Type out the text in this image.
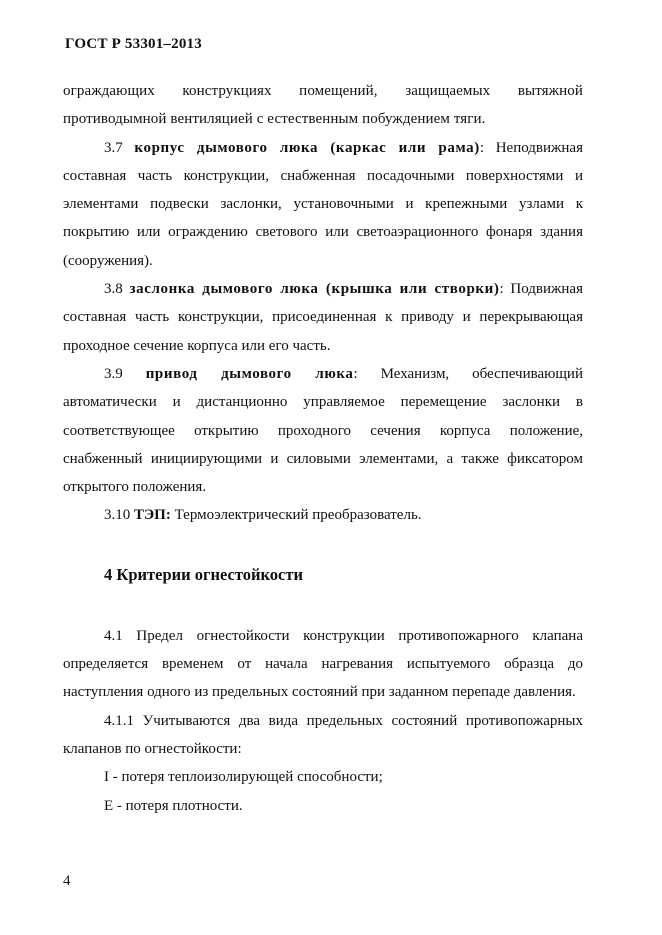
ГОСТ Р 53301–2013

ограждающих конструкциях помещений, защищаемых вытяжной противодымной вентиляцией с естественным побуждением тяги.

3.7 корпус дымового люка (каркас или рама): Неподвижная составная часть конструкции, снабженная посадочными поверхностями и элементами подвески заслонки, установочными и крепежными узлами к покрытию или ограждению светового или светоаэрационного фонаря здания (сооружения).

3.8 заслонка дымового люка (крышка или створки): Подвижная составная часть конструкции, присоединенная к приводу и перекрывающая проходное сечение корпуса или его часть.

3.9 привод дымового люка: Механизм, обеспечивающий автоматически и дистанционно управляемое перемещение заслонки в соответствующее открытию проходного сечения корпуса положение, снабженный инициирующими и силовыми элементами, а также фиксатором открытого положения.

3.10 ТЭП: Термоэлектрический преобразователь.

4 Критерии огнестойкости

4.1 Предел огнестойкости конструкции противопожарного клапана определяется временем от начала нагревания испытуемого образца до наступления одного из предельных состояний при заданном перепаде давления.

4.1.1 Учитываются два вида предельных состояний противопожарных клапанов по огнестойкости:

I - потеря теплоизолирующей способности;

E - потеря плотности.

4
